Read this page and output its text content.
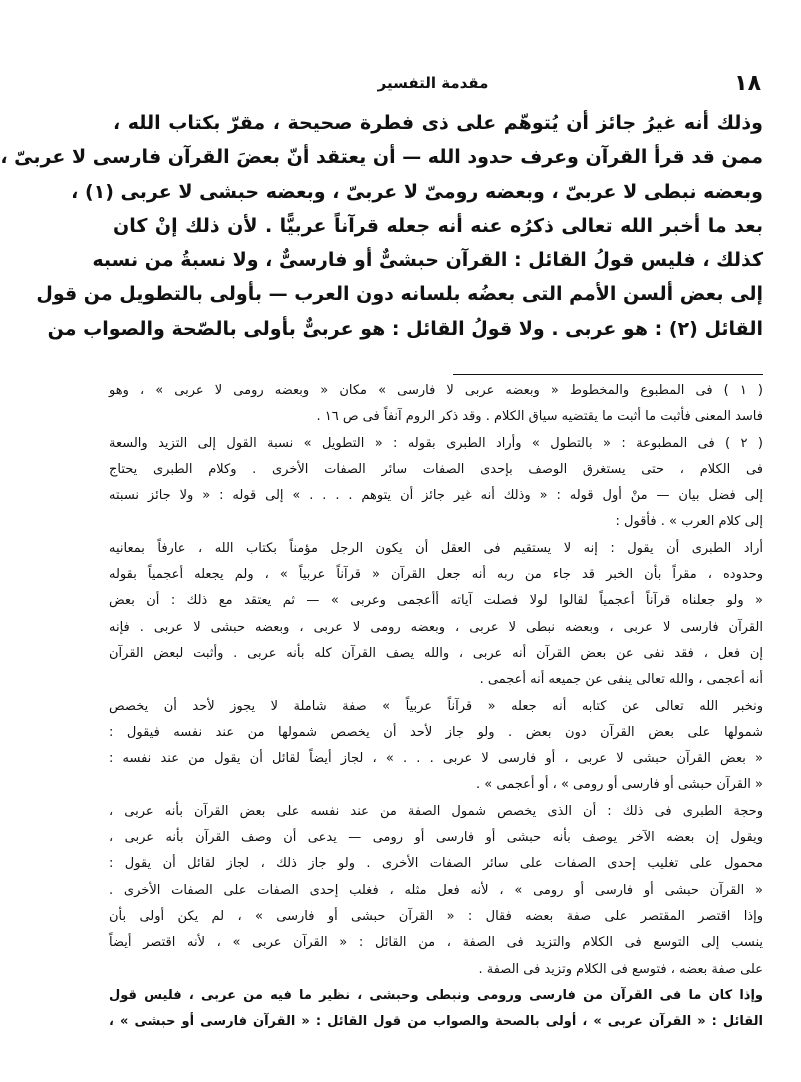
١٨
مقدمة التفسير
وذلك أنه غيرُ جائز أن يُتوهّم على ذى فطرة صحيحة ، مقرّ بكتاب الله ،
ممن قد قرأ القرآن وعرف حدود الله — أن يعتقد أنّ بعضَ القرآن فارسى لا عربىّ ،
وبعضه نبطى لا عربىّ ، وبعضه رومىّ لا عربىّ ، وبعضه حبشى لا عربى (١) ،
بعد ما أخبر الله تعالى ذكرُه عنه أنه جعله قرآناً عربيًّا . لأن ذلك إنْ كان
كذلك ، فليس قولُ القائل : القرآن حبشىٌّ أو فارسىٌّ ، ولا نسبةُ من نسبه
إلى بعض ألسن الأمم التى بعضُه بلسانه دون العرب — بأولى بالتطويل من قول
القائل (٢) : هو عربى . ولا قولُ القائل : هو عربىٌّ بأولى بالصّحة والصواب من
( ١ ) فى المطبوع والمخطوط « وبعضه عربى لا فارسى » مكان « وبعضه رومى لا عربى » ، وهو
فاسد المعنى فأثبت ما أثبت ما يقتضيه سياق الكلام . وقد ذكر الروم آنفاً فى ص ١٦ .
( ٢ ) فى المطبوعة : « بالتطول » وأراد الطبرى بقوله : « التطويل » نسبة القول إلى التزيد والسعة
فى الكلام ، حتى يستغرق الوصف بإحدى الصفات سائر الصفات الأخرى . وكلام الطبرى يحتاج
إلى فضل بيان — منْ أول قوله : « وذلك أنه غير جائز أن يتوهم . . . . » إلى قوله : « ولا جائز نسبته
إلى كلام العرب » . فأقول :
أراد الطبرى أن يقول : إنه لا يستقيم فى العقل أن يكون الرجل مؤمناً بكتاب الله ، عارفاً بمعانيه
وحدوده ، مقراً بأن الخبر قد جاء من ربه أنه جعل القرآن « قرآناً عربياً » ، ولم يجعله أعجمياً بقوله
« ولو جعلناه قرآناً أعجمياً لقالوا لولا فصلت آياته أأعجمى وعربى » — ثم يعتقد مع ذلك : أن بعض
القرآن فارسى لا عربى ، وبعضه نبطى لا عربى ، وبعضه رومى لا عربى ، وبعضه حبشى لا عربى . فإنه
إن فعل ، فقد نفى عن بعض القرآن أنه عربى ، والله يصف القرآن كله بأنه عربى . وأثبت لبعض القرآن
أنه أعجمى ، والله تعالى ينفى عن جميعه أنه أعجمى .
ونخبر الله تعالى عن كتابه أنه جعله « قرآناً عربياً » صفة شاملة لا يجوز لأحد أن يخصص
شمولها على بعض القرآن دون بعض . ولو جاز لأحد أن يخصص شمولها من عند نفسه فيقول :
« بعض القرآن حبشى لا عربى ، أو فارسى لا عربى . . . » ، لجاز أيضاً لقائل أن يقول من عند نفسه :
« القرآن حبشى أو فارسى أو رومى » ، أو أعجمى » .
وحجة الطبرى فى ذلك : أن الذى يخصص شمول الصفة من عند نفسه على بعض القرآن بأنه عربى ،
ويقول إن بعضه الآخر يوصف بأنه حبشى أو فارسى أو رومى — يدعى أن وصف القرآن بأنه عربى ،
محمول على تغليب إحدى الصفات على سائر الصفات الأخرى . ولو جاز ذلك ، لجاز لقائل أن يقول :
« القرآن حبشى أو فارسى أو رومى » ، لأنه فعل مثله ، فغلب إحدى الصفات على الصفات الأخرى .
وإذا اقتصر المقتصر على صفة بعضه فقال : « القرآن حبشى أو فارسى » ، لم يكن أولى بأن
ينسب إلى التوسع فى الكلام والتزيد فى الصفة ، من القائل : « القرآن عربى » ، لأنه اقتصر أيضاً
على صفة بعضه ، فتوسع فى الكلام وتزيد فى الصفة .
وإذا كان ما فى القرآن من فارسى ورومى ونبطى وحبشى ، نظير ما فيه من عربى ، فليس قول
القائل : « القرآن عربى » ، أولى بالصحة والصواب من قول القائل : « القرآن فارسى أو حبشى » ،
